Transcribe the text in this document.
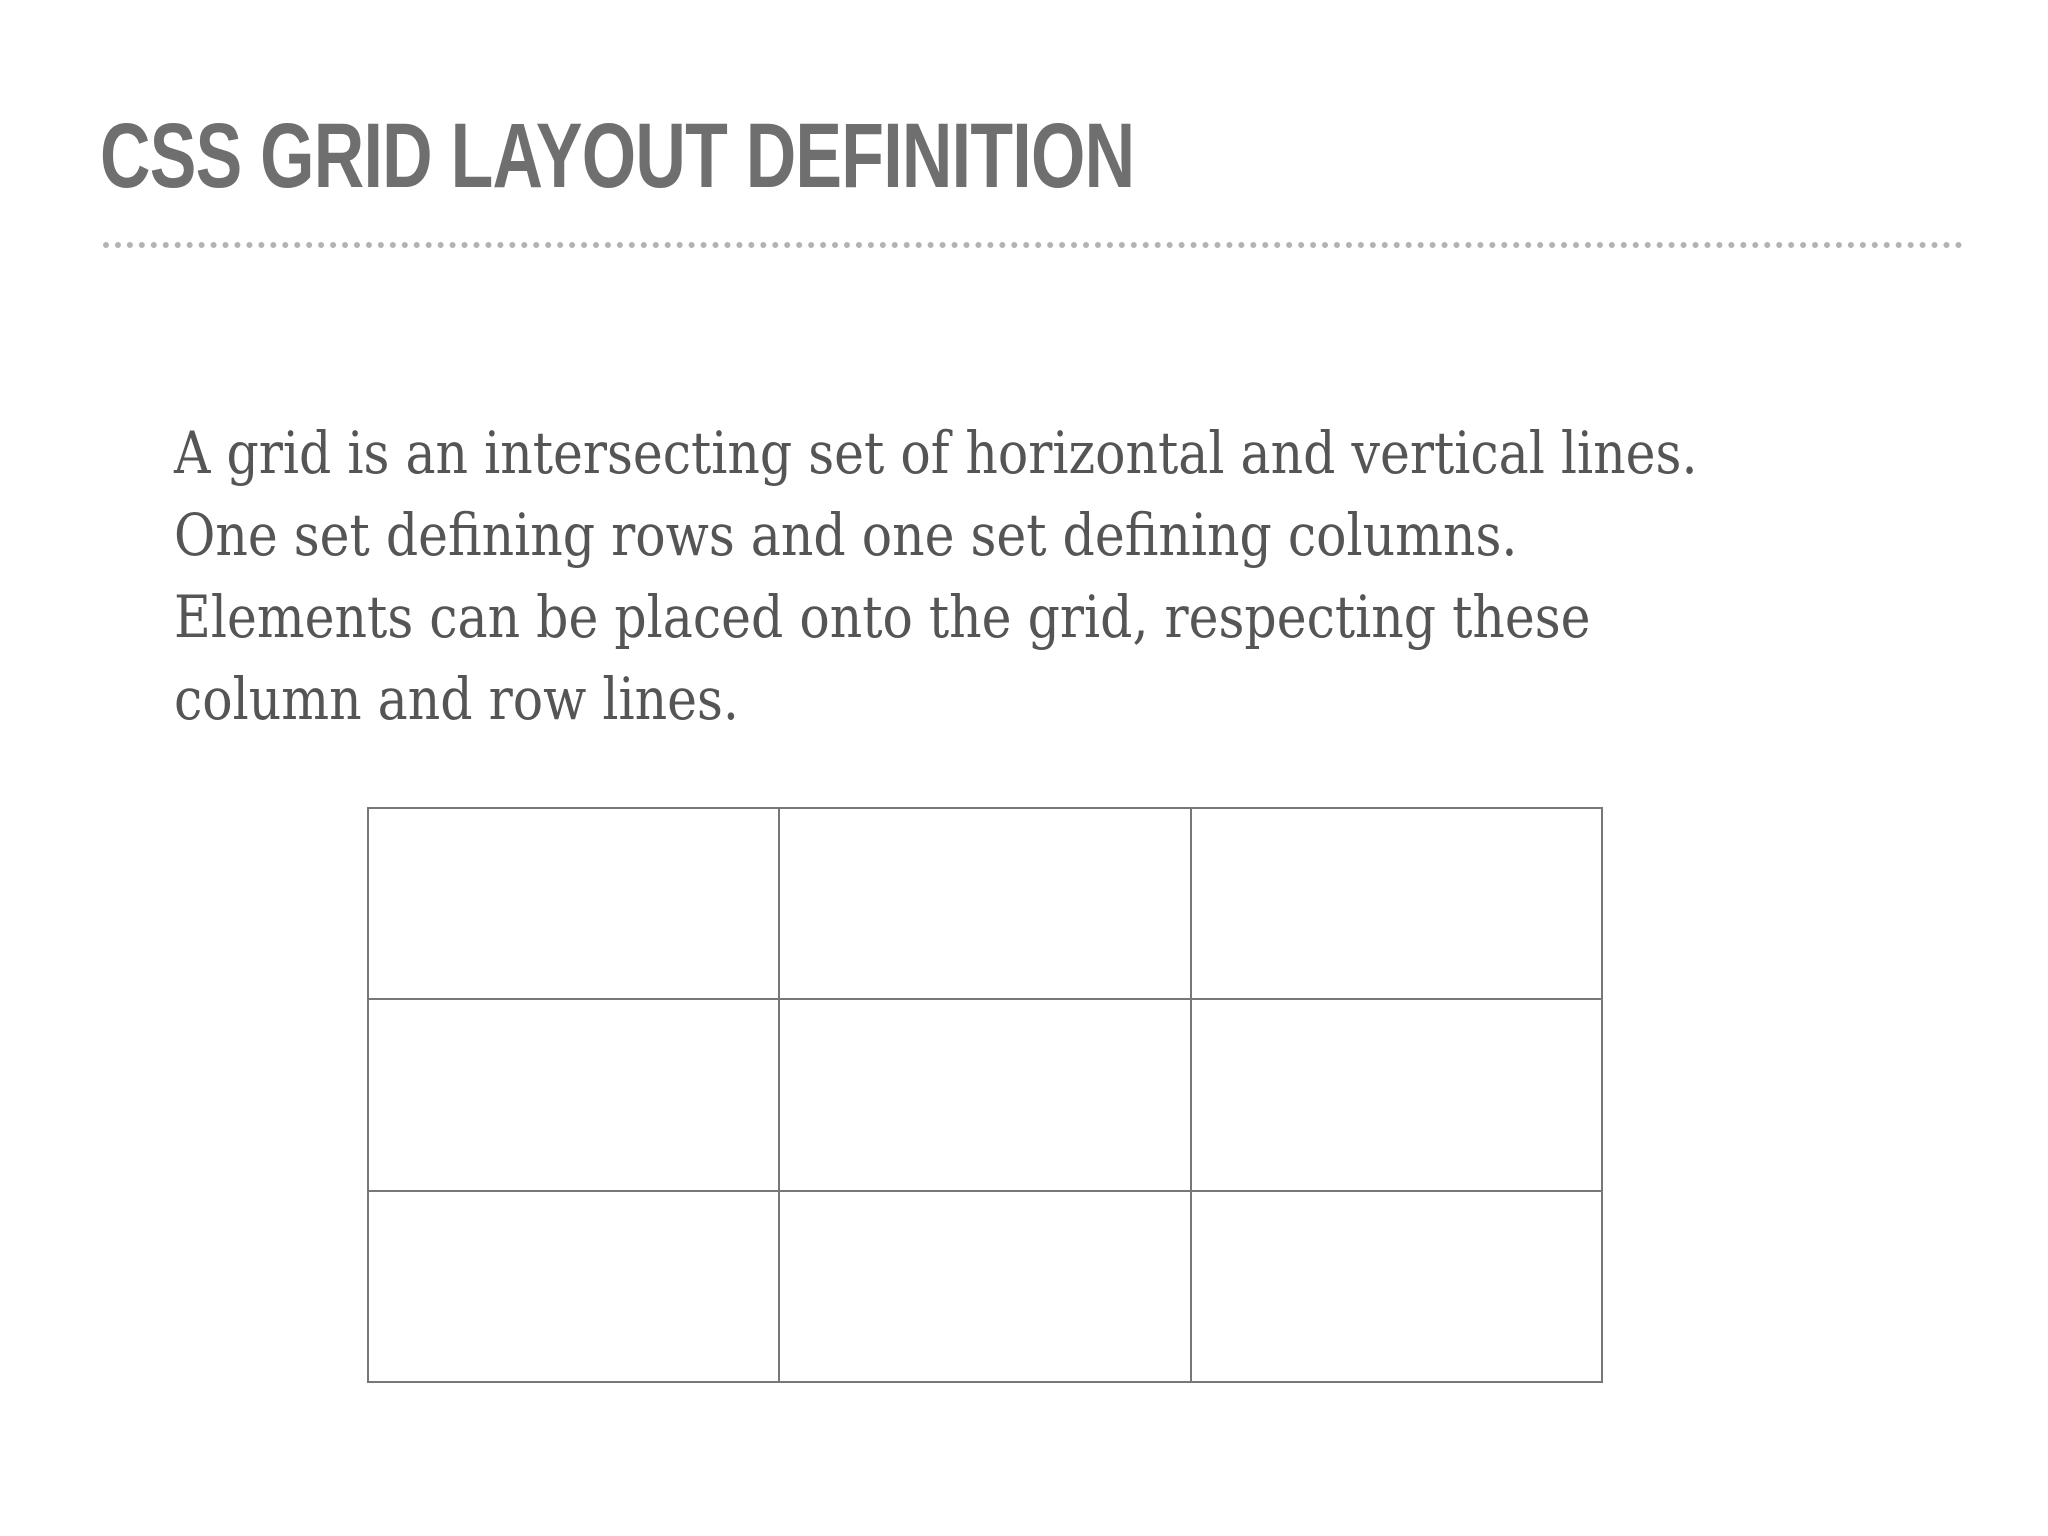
CSS GRID LAYOUT DEFINITION

A grid is an intersecting set of horizontal and vertical lines. One set defining rows and one set defining columns. Elements can be placed onto the grid, respecting these column and row lines.
